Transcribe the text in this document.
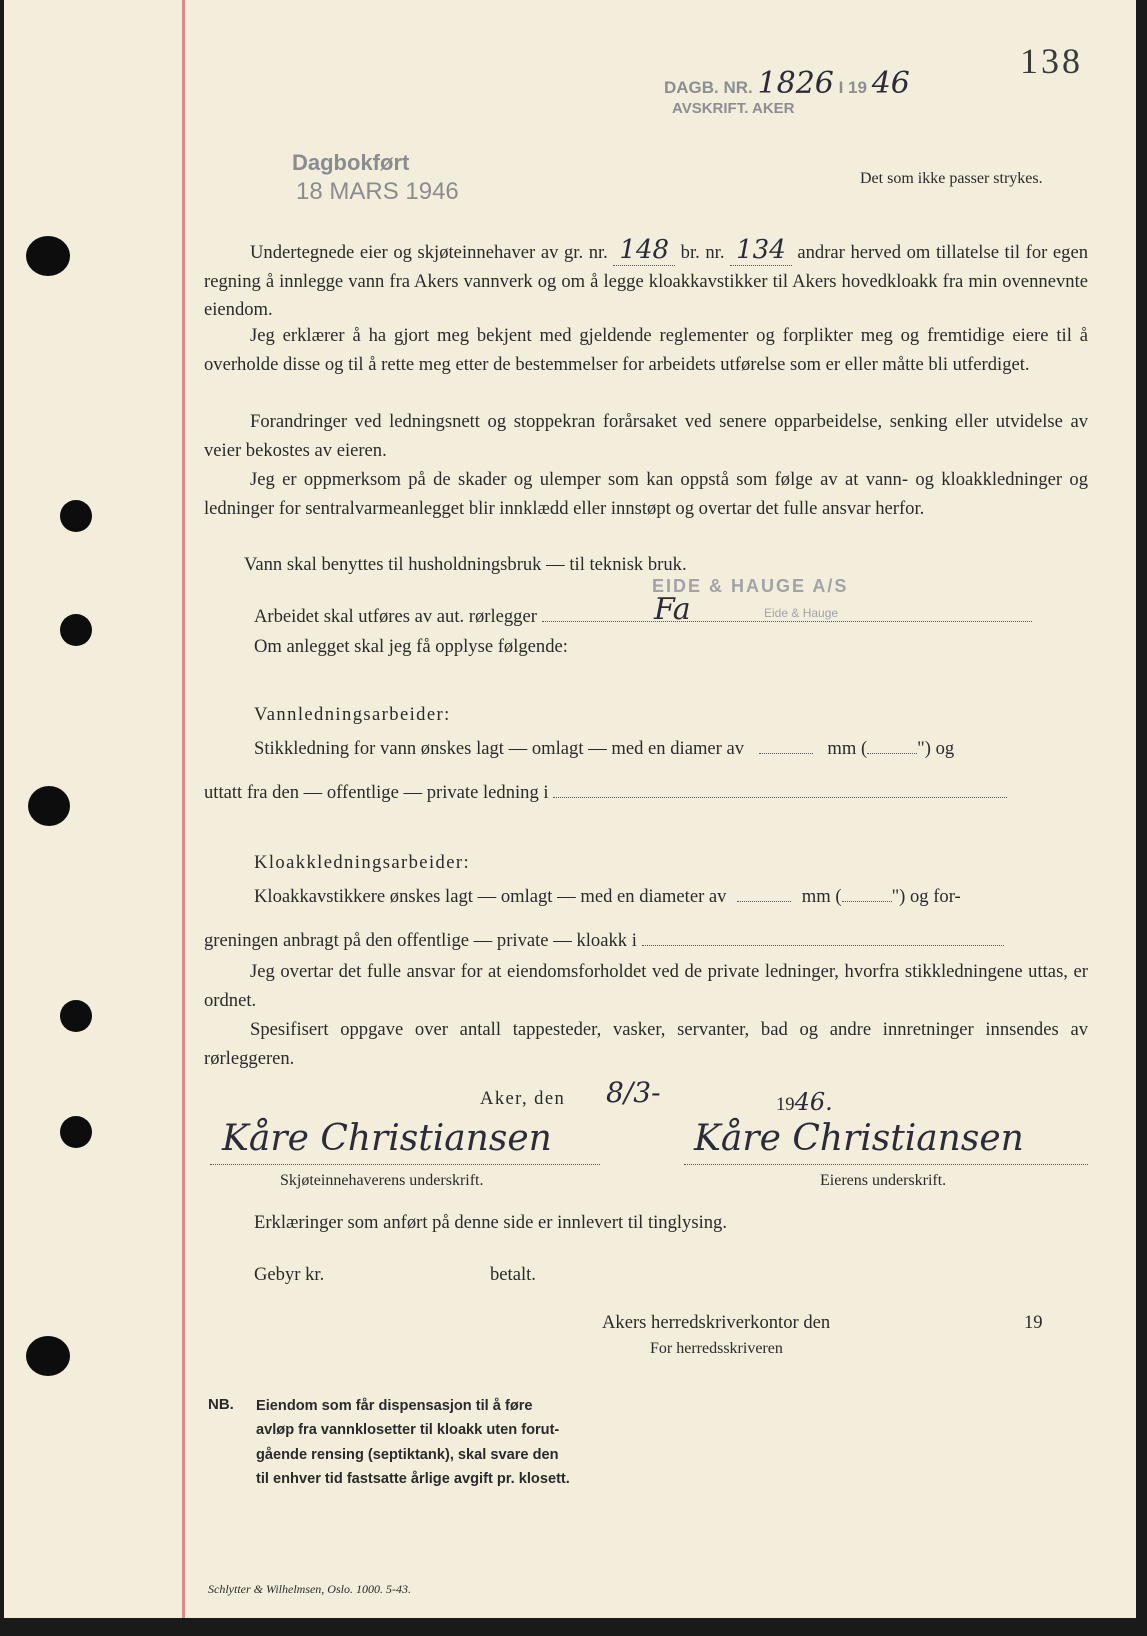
DAGB. NR. 1826 I 19 46
AVSKRIFT. AKER
138
Dagbokført
18 MARS 1946	Det som ikke passer strykes.
Undertegnede eier og skjøteinnehaver av gr. nr. 148 br. nr. 134 andrar herved om tillatelse til for egen regning å innlegge vann fra Akers vannverk og om å legge kloakkavstikker til Akers hovedkloakk fra min ovennevnte eiendom.
Jeg erklærer å ha gjort meg bekjent med gjeldende reglementer og forplikter meg og fremtidige eiere til å overholde disse og til å rette meg etter de bestemmelser for arbeidets utførelse som er eller måtte bli utferdiget.
Forandringer ved ledningsnett og stoppekran forårsaket ved senere opparbeidelse, senking eller utvidelse av veier bekostes av eieren.
Jeg er oppmerksom på de skader og ulemper som kan oppstå som følge av at vann- og kloakkledninger og ledninger for sentralvarmeanlegget blir innklædd eller innstøpt og overtar det fulle ansvar herfor.
Vann skal benyttes til husholdningsbruk — til teknisk bruk.
EIDE & HAUGE A/S
Arbeidet skal utføres av aut. rørlegger	Fa	Eide & Hauge
Om anlegget skal jeg få opplyse følgende:
Vannledningsarbeider:
Stikkledning for vann ønskes lagt — omlagt — med en diamer av	mm (	") og
uttatt fra den — offentlige — private ledning i
Kloakkledningsarbeider:
Kloakkavstikkere ønskes lagt — omlagt — med en diameter av	mm (	") og for-
greningen anbragt på den offentlige — private — kloakk i
Jeg overtar det fulle ansvar for at eiendomsforholdet ved de private ledninger, hvorfra stikkledningene uttas, er ordnet.
Spesifisert oppgave over antall tappesteder, vasker, servanter, bad og andre innretninger innsendes av rørleggeren.
Aker, den 8/3-	1946.
Kåre Christiansen
Skjøteinnehaverens underskrift.
Kåre Christiansen
Eierens underskrift.
Erklæringer som anført på denne side er innlevert til tinglysing.
Gebyr kr.	betalt.
Akers herredskriverkontor den	19
For herredsskriveren
NB. Eiendom som får dispensasjon til å føre
avløp fra vannklosetter til kloakk uten forut-
gående rensing (septiktank), skal svare den
til enhver tid fastsatte årlige avgift pr. klosett.
Schlytter & Wilhelmsen, Oslo. 1000. 5-43.
